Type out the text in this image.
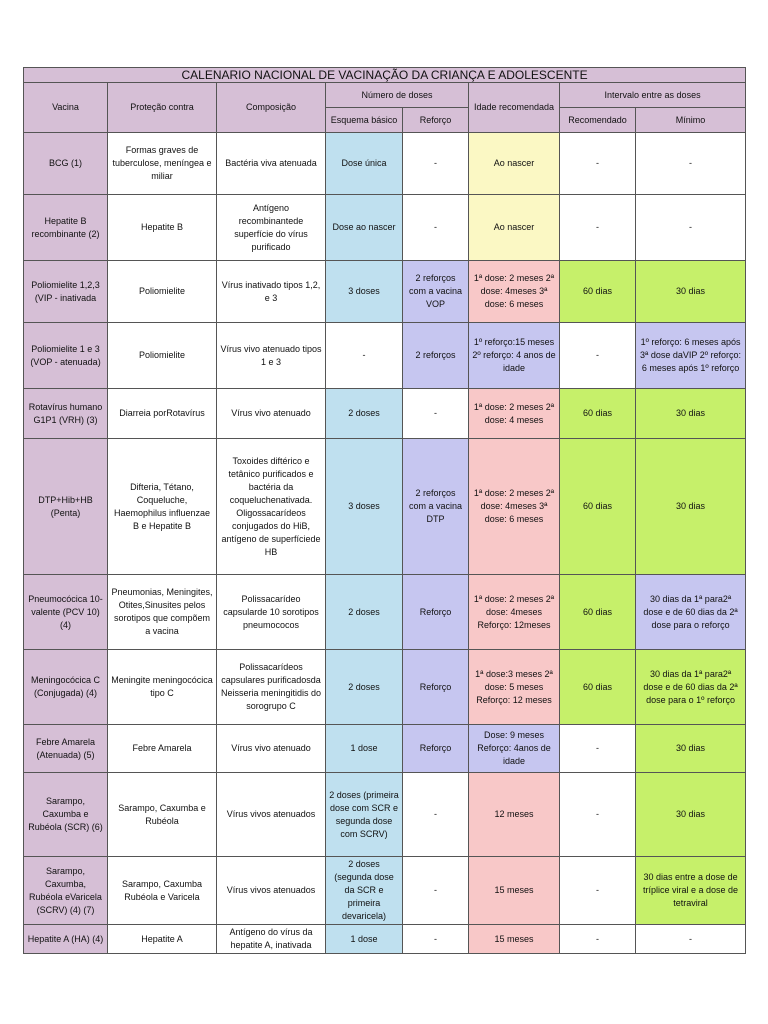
CALENARIO NACIONAL DE VACINAÇÃO DA CRIANÇA E ADOLESCENTE							
Vacina	Proteção contra	Composição	Número de doses		Idade recomendada	Intervalo entre as doses	
			Esquema básico	Reforço		Recomendado	Mínimo
BCG (1)	Formas graves de tuberculose, meníngea e miliar	Bactéria viva atenuada	Dose única	-	Ao nascer	-	-
Hepatite B recombinante (2)	Hepatite B	Antígeno recombinantede superfície do vírus purificado	Dose ao nascer	-	Ao nascer	-	-
Poliomielite 1,2,3 (VIP - inativada	Poliomielite	Vírus inativado tipos 1,2, e 3	3 doses	2 reforços com a vacina VOP	1ª dose: 2 meses 2ª dose: 4meses 3ª dose: 6 meses	60 dias	30 dias
Poliomielite 1 e 3 (VOP - atenuada)	Poliomielite	Vírus vivo atenuado tipos 1 e 3	-	2 reforços	1º reforço:15 meses 2º reforço: 4 anos de idade	-	1º reforço: 6 meses após 3ª dose daVIP 2º reforço: 6 meses após 1º reforço
Rotavírus humano G1P1 (VRH) (3)	Diarreia porRotavírus	Vírus vivo atenuado	2 doses	-	1ª dose: 2 meses 2ª dose: 4 meses	60 dias	30 dias
DTP+Hib+HB (Penta)	Difteria, Tétano, Coqueluche, Haemophilus influenzae B e Hepatite B	Toxoides diftérico e tetânico purificados e bactéria da coqueluchenativada. Oligossacarídeos conjugados do HiB, antígeno de superfíciede HB	3 doses	2 reforços com a vacina DTP	1ª dose: 2 meses 2ª dose: 4meses 3ª dose: 6 meses	60 dias	30 dias
Pneumocócica 10- valente (PCV 10) (4)	Pneumonias, Meningites, Otites,Sinusites pelos sorotipos que compõem a vacina	Polissacarídeo capsulardе 10 sorotipos pneumococos	2 doses	Reforço	1ª dose: 2 meses 2ª dose: 4meses Reforço: 12meses	60 dias	30 dias da 1ª para2ª dose e de 60 dias da 2ª dose para o reforço
Meningocócica C (Conjugada) (4)	Meningite meningocócica tipo C	Polissacarídeos capsulares purificadosda Neisseria meningitidis do sorogrupo C	2 doses	Reforço	1ª dose:3 meses 2ª dose: 5 meses Reforço: 12 meses	60 dias	30 dias da 1ª para2ª dose e de 60 dias da 2ª dose para o 1º reforço
Febre Amarela (Atenuada) (5)	Febre Amarela	Vírus vivo atenuado	1 dose	Reforço	Dose: 9 meses Reforço: 4anos de idade	-	30 dias
Sarampo, Caxumba e Rubéola (SCR) (6)	Sarampo, Caxumba e Rubéola	Vírus vivos atenuados	2 doses (primeira dose com SCR e segunda dose com SCRV)	-	12 meses	-	30 dias
Sarampo, Caxumba, Rubéola eVaricela (SCRV) (4) (7)	Sarampo, Caxumba Rubéola e Varicela	Vírus vivos atenuados	2 doses (segunda dose da SCR e primeira devaricela)	-	15 meses	-	30 dias entre a dose de tríplice viral e a dose de tetraviral
Hepatite A (HA) (4)	Hepatite A	Antígeno do vírus da hepatite A, inativada	1 dose	-	15 meses	-	-
